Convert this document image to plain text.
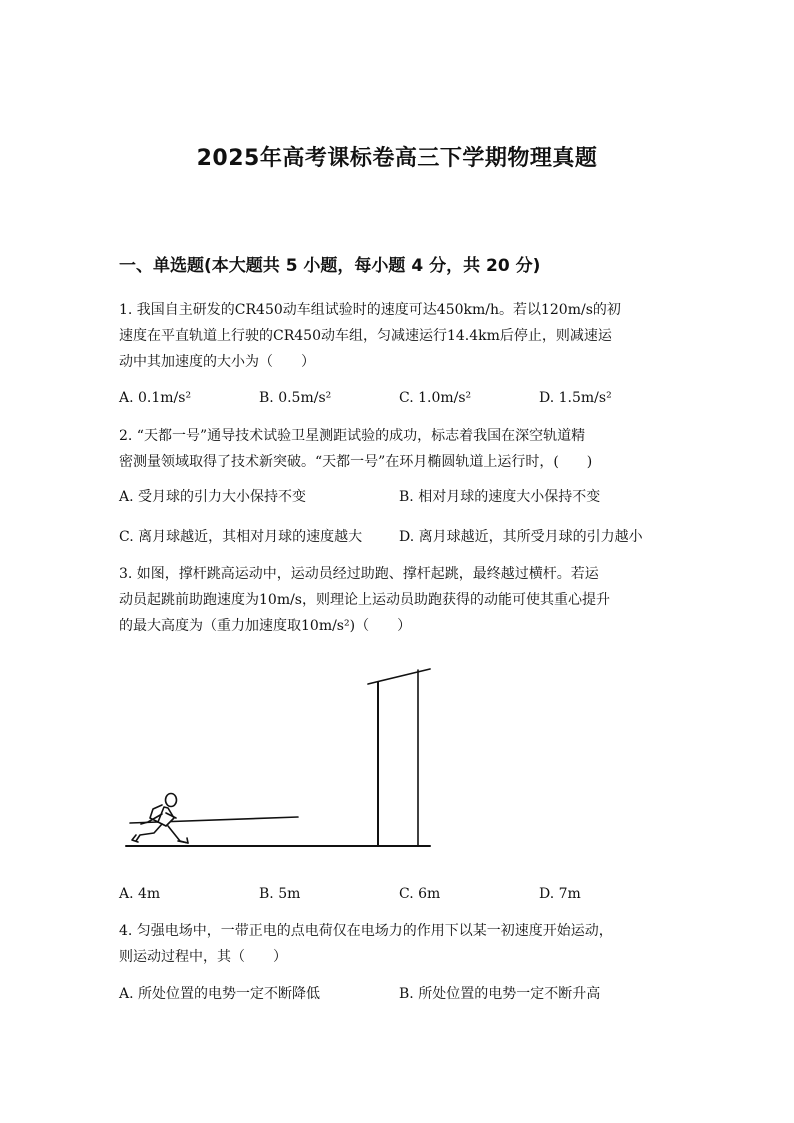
2025年高考课标卷高三下学期物理真题
一、单选题(本大题共 5 小题，每小题 4 分，共 20 分)
1. 我国自主研发的CR450动车组试验时的速度可达450km/h。若以120m/s的初
速度在平直轨道上行驶的CR450动车组，匀减速运行14.4km后停止，则减速运
动中其加速度的大小为（　　）
A. 0.1m/s²	B. 0.5m/s²	C. 1.0m/s²	D. 1.5m/s²
2. “天都一号”通导技术试验卫星测距试验的成功，标志着我国在深空轨道精
密测量领域取得了技术新突破。“天都一号”在环月椭圆轨道上运行时，(　　)
A. 受月球的引力大小保持不变	B. 相对月球的速度大小保持不变
C. 离月球越近，其相对月球的速度越大	D. 离月球越近，其所受月球的引力越小
3. 如图，撑杆跳高运动中，运动员经过助跑、撑杆起跳，最终越过横杆。若运
动员起跳前助跑速度为10m/s，则理论上运动员助跑获得的动能可使其重心提升
的最大高度为（重力加速度取10m/s²)（　　）
A. 4m	B. 5m	C. 6m	D. 7m
4. 匀强电场中，一带正电的点电荷仅在电场力的作用下以某一初速度开始运动，
则运动过程中，其（　　）
A. 所处位置的电势一定不断降低	B. 所处位置的电势一定不断升高
